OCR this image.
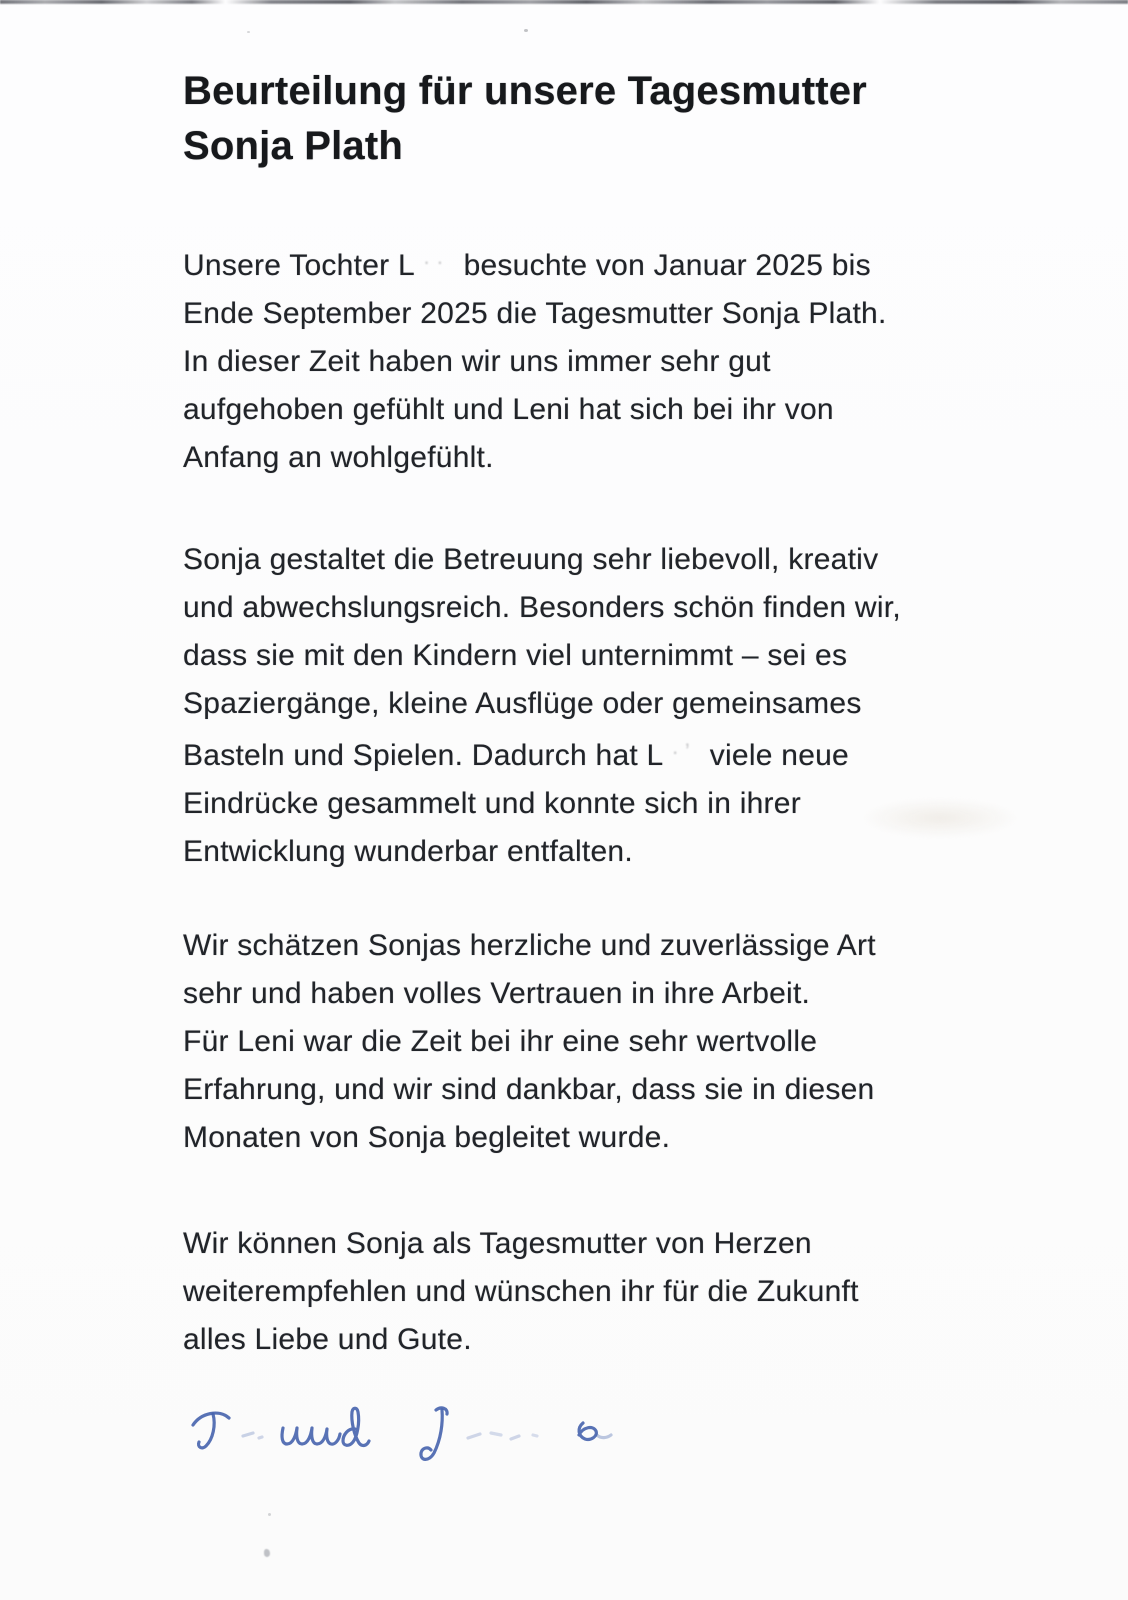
Beurteilung für unsere Tagesmutter
Sonja Plath
Unsere Tochter L ·· besuchte von Januar 2025 bis
Ende September 2025 die Tagesmutter Sonja Plath.
In dieser Zeit haben wir uns immer sehr gut
aufgehoben gefühlt und Leni hat sich bei ihr von
Anfang an wohlgefühlt.
Sonja gestaltet die Betreuung sehr liebevoll, kreativ
und abwechslungsreich. Besonders schön finden wir,
dass sie mit den Kindern viel unternimmt – sei es
Spaziergänge, kleine Ausflüge oder gemeinsames
Basteln und Spielen. Dadurch hat L ·’ viele neue
Eindrücke gesammelt und konnte sich in ihrer
Entwicklung wunderbar entfalten.
Wir schätzen Sonjas herzliche und zuverlässige Art
sehr und haben volles Vertrauen in ihre Arbeit.
Für Leni war die Zeit bei ihr eine sehr wertvolle
Erfahrung, und wir sind dankbar, dass sie in diesen
Monaten von Sonja begleitet wurde.
Wir können Sonja als Tagesmutter von Herzen
weiterempfehlen und wünschen ihr für die Zukunft
alles Liebe und Gute.
